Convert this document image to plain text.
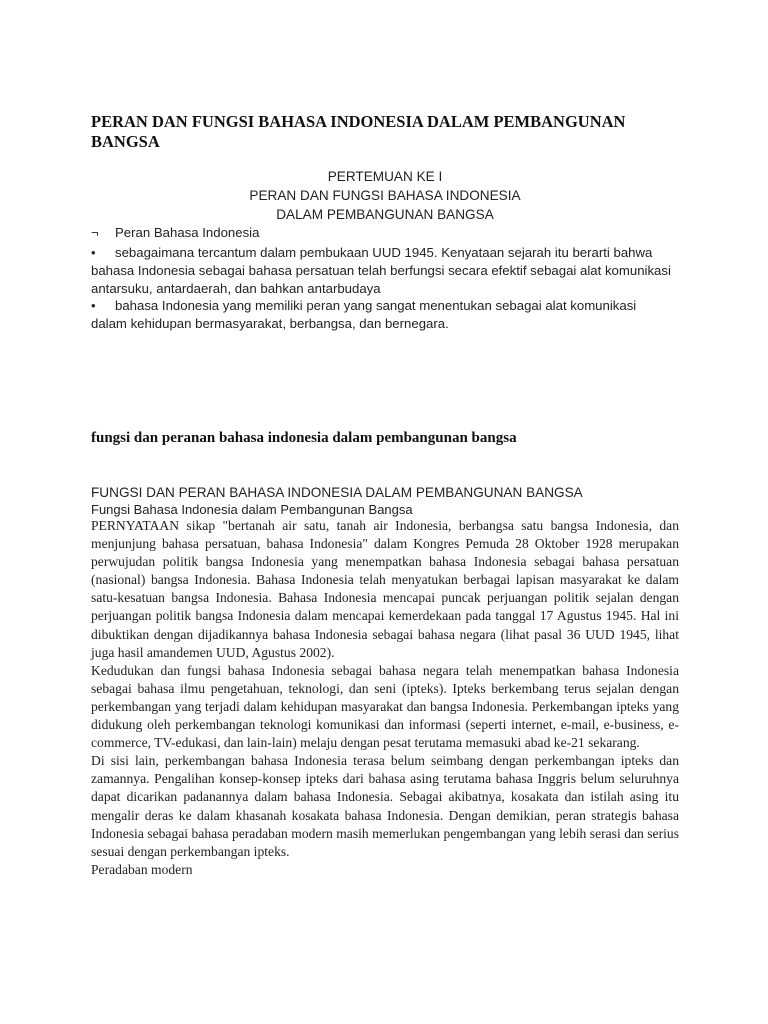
PERAN DAN FUNGSI BAHASA INDONESIA DALAM PEMBANGUNAN BANGSA
PERTEMUAN KE I
PERAN DAN FUNGSI BAHASA INDONESIA
DALAM PEMBANGUNAN BANGSA
¬ Peran Bahasa Indonesia
• sebagaimana tercantum dalam pembukaan UUD 1945. Kenyataan sejarah itu berarti bahwa
bahasa Indonesia sebagai bahasa persatuan telah berfungsi secara efektif sebagai alat komunikasi antarsuku, antardaerah, dan bahkan antarbudaya
• bahasa Indonesia yang memiliki peran yang sangat menentukan sebagai alat komunikasi
dalam kehidupan bermasyarakat, berbangsa, dan bernegara.
fungsi dan peranan bahasa indonesia dalam pembangunan bangsa
FUNGSI DAN PERAN BAHASA INDONESIA DALAM PEMBANGUNAN BANGSA
Fungsi Bahasa Indonesia dalam Pembangunan Bangsa

PERNYATAAN sikap "bertanah air satu, tanah air Indonesia, berbangsa satu bangsa Indonesia, dan menjunjung bahasa persatuan, bahasa Indonesia" dalam Kongres Pemuda 28 Oktober 1928 merupakan perwujudan politik bangsa Indonesia yang menempatkan bahasa Indonesia sebagai bahasa persatuan (nasional) bangsa Indonesia. Bahasa Indonesia telah menyatukan berbagai lapisan masyarakat ke dalam satu-kesatuan bangsa Indonesia. Bahasa Indonesia mencapai puncak perjuangan politik sejalan dengan perjuangan politik bangsa Indonesia dalam mencapai kemerdekaan pada tanggal 17 Agustus 1945. Hal ini dibuktikan dengan dijadikannya bahasa Indonesia sebagai bahasa negara (lihat pasal 36 UUD 1945, lihat juga hasil amandemen UUD, Agustus 2002).

Kedudukan dan fungsi bahasa Indonesia sebagai bahasa negara telah menempatkan bahasa Indonesia sebagai bahasa ilmu pengetahuan, teknologi, dan seni (ipteks). Ipteks berkembang terus sejalan dengan perkembangan yang terjadi dalam kehidupan masyarakat dan bangsa Indonesia. Perkembangan ipteks yang didukung oleh perkembangan teknologi komunikasi dan informasi (seperti internet, e-mail, e-business, e-commerce, TV-edukasi, dan lain-lain) melaju dengan pesat terutama memasuki abad ke-21 sekarang.

Di sisi lain, perkembangan bahasa Indonesia terasa belum seimbang dengan perkembangan ipteks dan zamannya. Pengalihan konsep-konsep ipteks dari bahasa asing terutama bahasa Inggris belum seluruhnya dapat dicarikan padanannya dalam bahasa Indonesia. Sebagai akibatnya, kosakata dan istilah asing itu mengalir deras ke dalam khasanah kosakata bahasa Indonesia. Dengan demikian, peran strategis bahasa Indonesia sebagai bahasa peradaban modern masih memerlukan pengembangan yang lebih serasi dan serius sesuai dengan perkembangan ipteks.

Peradaban modern
